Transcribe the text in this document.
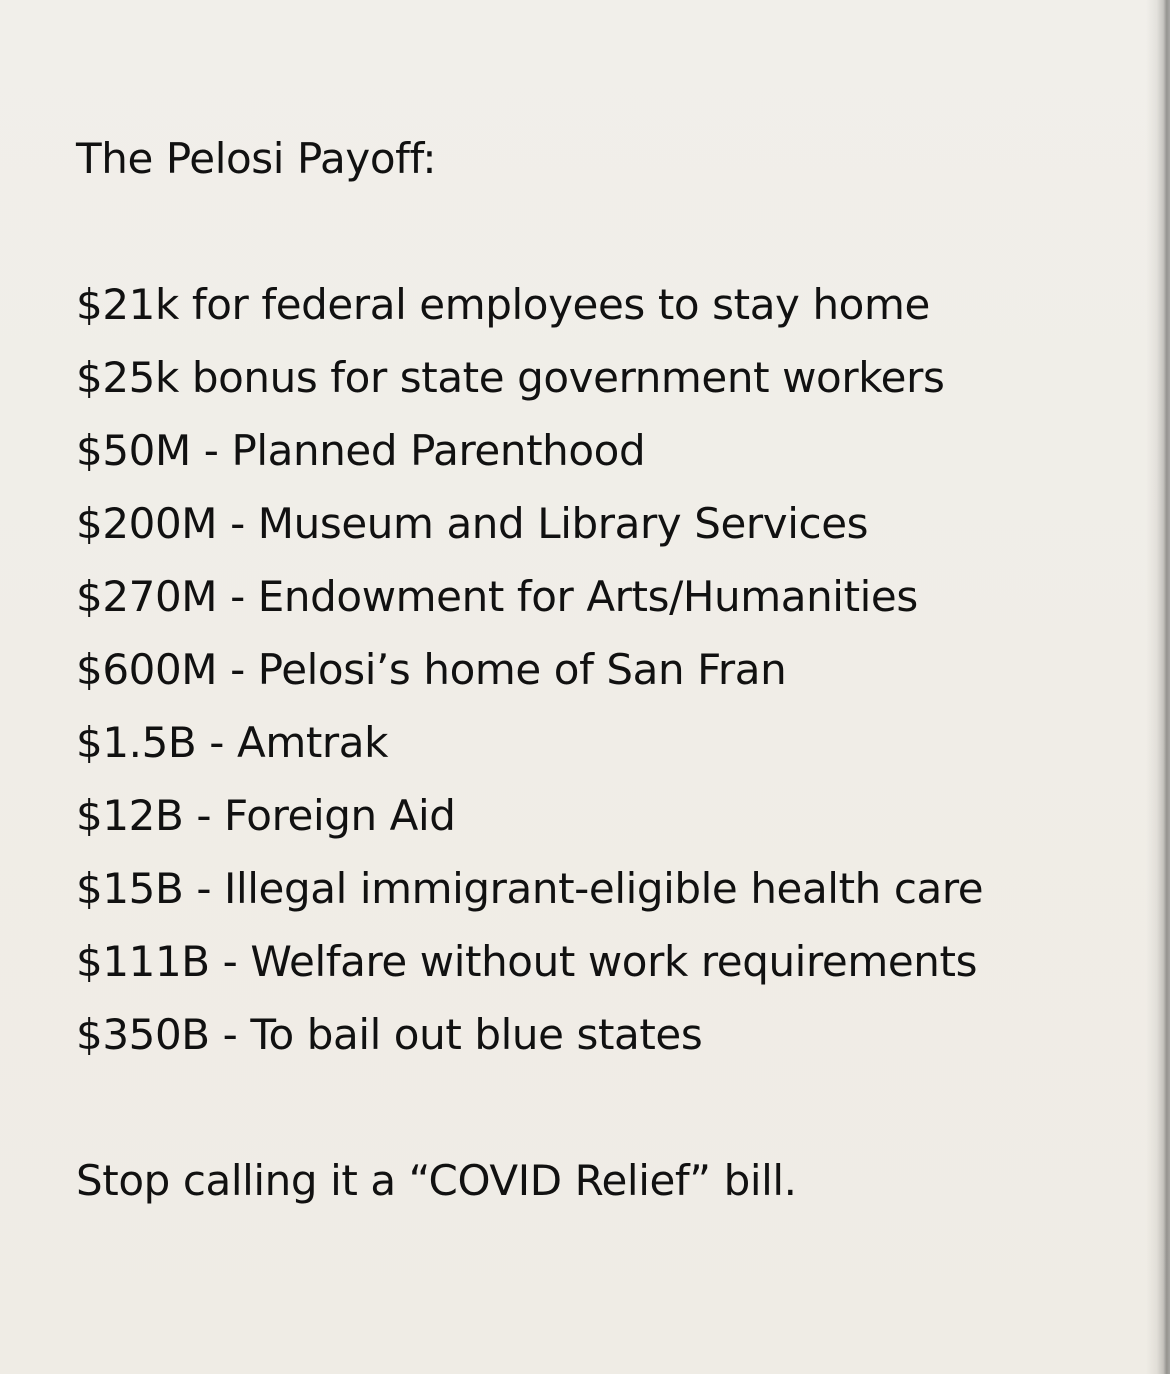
The Pelosi Payoff:
$21k for federal employees to stay home
$25k bonus for state government workers
$50M - Planned Parenthood
$200M - Museum and Library Services
$270M - Endowment for Arts/Humanities
$600M - Pelosi’s home of San Fran
$1.5B - Amtrak
$12B - Foreign Aid
$15B - Illegal immigrant-eligible health care
$111B - Welfare without work requirements
$350B - To bail out blue states
Stop calling it a “COVID Relief” bill.
